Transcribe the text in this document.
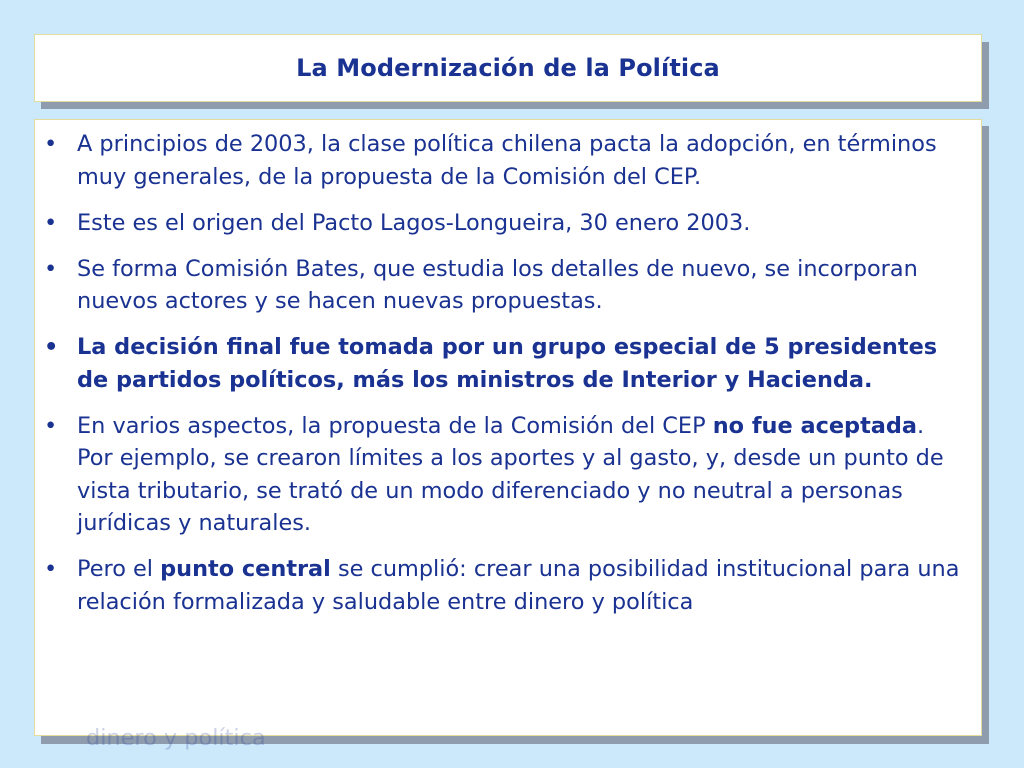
La Modernización de la Política
• A principios de 2003, la clase política chilena pacta la adopción, en términos muy generales, de la propuesta de la Comisión del CEP.
• Este es el origen del Pacto Lagos-Longueira, 30 enero 2003.
• Se forma Comisión Bates, que estudia los detalles de nuevo, se incorporan nuevos actores y se hacen nuevas propuestas.
• La decisión final fue tomada por un grupo especial de 5 presidentes de partidos políticos, más los ministros de Interior y Hacienda.
• En varios aspectos, la propuesta de la Comisión del CEP no fue aceptada. Por ejemplo, se crearon límites a los aportes y al gasto, y, desde un punto de vista tributario, se trató de un modo diferenciado y no neutral a personas jurídicas y naturales.
• Pero el punto central se cumplió: crear una posibilidad institucional para una relación formalizada y saludable entre dinero y política
dinero y política
